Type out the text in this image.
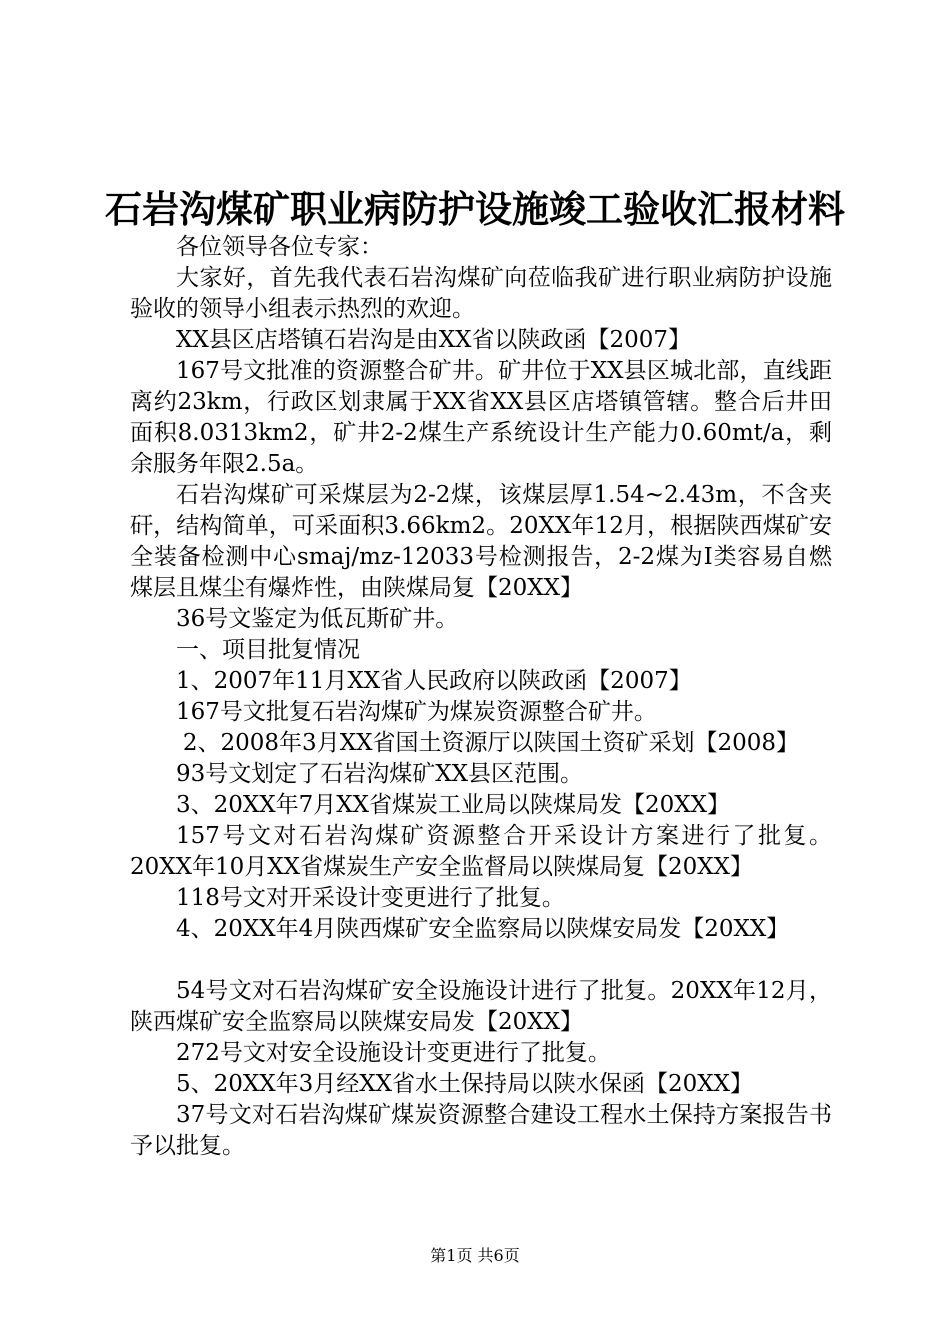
石岩沟煤矿职业病防护设施竣工验收汇报材料

各位领导各位专家：

大家好，首先我代表石岩沟煤矿向莅临我矿进行职业病防护设施验收的领导小组表示热烈的欢迎。

XX县区店塔镇石岩沟是由XX省以陕政函【2007】

167号文批准的资源整合矿井。矿井位于XX县区城北部，直线距离约23km，行政区划隶属于XX省XX县区店塔镇管辖。整合后井田面积8.0313km2，矿井2-2煤生产系统设计生产能力0.60mt/a，剩余服务年限2.5a。

石岩沟煤矿可采煤层为2-2煤，该煤层厚1.54~2.43m，不含夹矸，结构简单，可采面积3.66km2。20XX年12月，根据陕西煤矿安全装备检测中心smaj/mz-12033号检测报告，2-2煤为Ⅰ类容易自燃煤层且煤尘有爆炸性，由陕煤局复【20XX】

36号文鉴定为低瓦斯矿井。

一、项目批复情况

1、2007年11月XX省人民政府以陕政函【2007】

167号文批复石岩沟煤矿为煤炭资源整合矿井。

2、2008年3月XX省国土资源厅以陕国土资矿采划【2008】

93号文划定了石岩沟煤矿XX县区范围。

3、20XX年7月XX省煤炭工业局以陕煤局发【20XX】

157号文对石岩沟煤矿资源整合开采设计方案进行了批复。20XX年10月XX省煤炭生产安全监督局以陕煤局复【20XX】

118号文对开采设计变更进行了批复。

4、20XX年4月陕西煤矿安全监察局以陕煤安局发【20XX】

54号文对石岩沟煤矿安全设施设计进行了批复。20XX年12月，陕西煤矿安全监察局以陕煤安局发【20XX】

272号文对安全设施设计变更进行了批复。

5、20XX年3月经XX省水土保持局以陕水保函【20XX】

37号文对石岩沟煤矿煤炭资源整合建设工程水土保持方案报告书予以批复。

第1页 共6页
